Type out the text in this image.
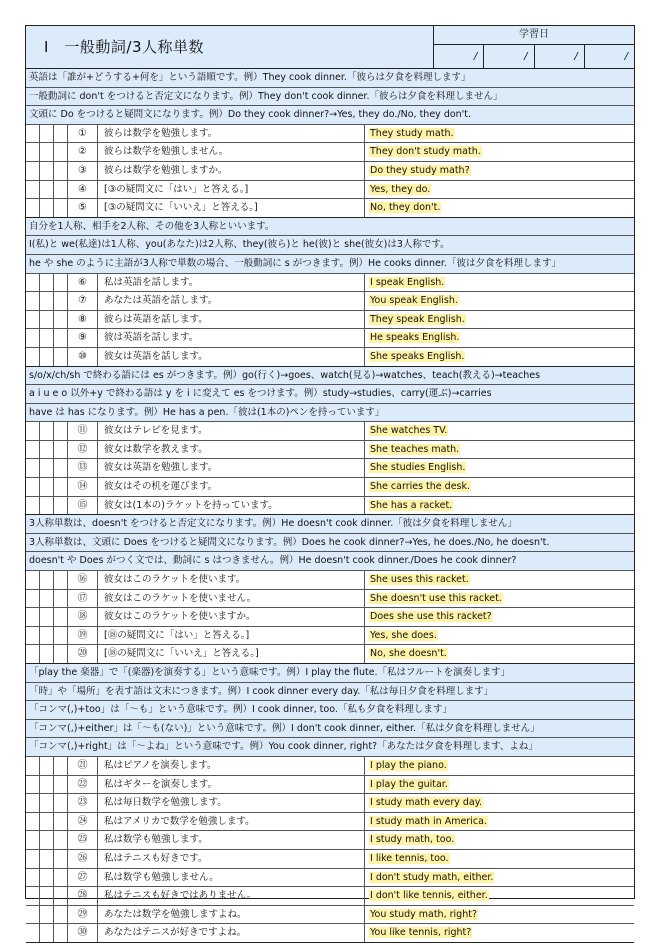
Ⅰ　一般動詞/3人称単数
学習日
/	/	/	/
英語は「誰が+どうする+何を」という語順です。例）They cook dinner.「彼らは夕食を料理します」
一般動詞に don't をつけると否定文になります。例）They don't cook dinner.「彼らは夕食を料理しません」
文頭に Do をつけると疑問文になります。例）Do they cook dinner?→Yes, they do./No, they don't.
①	彼らは数学を勉強します。	They study math.
②	彼らは数学を勉強しません。	They don't study math.
③	彼らは数学を勉強しますか。	Do they study math?
④	[③の疑問文に「はい」と答える。]	Yes, they do.
⑤	[③の疑問文に「いいえ」と答える。]	No, they don't.
自分を1人称、相手を2人称、その他を3人称といいます。
I(私)と we(私達)は1人称、you(あなた)は2人称、they(彼ら)と he(彼)と she(彼女)は3人称です。
he や she のように主語が3人称で単数の場合、一般動詞に s がつきます。例）He cooks dinner.「彼は夕食を料理します」
⑥	私は英語を話します。	I speak English.
⑦	あなたは英語を話します。	You speak English.
⑧	彼らは英語を話します。	They speak English.
⑨	彼は英語を話します。	He speaks English.
⑩	彼女は英語を話します。	She speaks English.
s/o/x/ch/sh で終わる語には es がつきます。例）go(行く)→goes、watch(見る)→watches、teach(教える)→teaches
a i u e o 以外+y で終わる語は y を i に変えて es をつけます。例）study→studies、carry(運ぶ)→carries
have は has になります。例）He has a pen.「彼は(1本の)ペンを持っています」
⑪	彼女はテレビを見ます。	She watches TV.
⑫	彼女は数学を教えます。	She teaches math.
⑬	彼女は英語を勉強します。	She studies English.
⑭	彼女はその机を運びます。	She carries the desk.
⑮	彼女は(1本の)ラケットを持っています。	She has a racket.
3人称単数は、doesn't をつけると否定文になります。例）He doesn't cook dinner.「彼は夕食を料理しません」
3人称単数は、文頭に Does をつけると疑問文になります。例）Does he cook dinner?→Yes, he does./No, he doesn't.
doesn't や Does がつく文では、動詞に s はつきません。例）He doesn't cook dinner./Does he cook dinner?
⑯	彼女はこのラケットを使います。	She uses this racket.
⑰	彼女はこのラケットを使いません。	She doesn't use this racket.
⑱	彼女はこのラケットを使いますか。	Does she use this racket?
⑲	[⑱の疑問文に「はい」と答える。]	Yes, she does.
⑳	[⑱の疑問文に「いいえ」と答える。]	No, she doesn't.
「play the 楽器」で「(楽器)を演奏する」という意味です。例）I play the flute.「私はフルートを演奏します」
「時」や「場所」を表す語は文末につきます。例）I cook dinner every day.「私は毎日夕食を料理します」
「コンマ(,)+too」は「〜も」という意味です。例）I cook dinner, too.「私も夕食を料理します」
「コンマ(,)+either」は「〜も(ない)」という意味です。例）I don't cook dinner, either.「私は夕食を料理しません」
「コンマ(,)+right」は「〜よね」という意味です。例）You cook dinner, right?「あなたは夕食を料理します、よね」
㉑	私はピアノを演奏します。	I play the piano.
㉒	私はギターを演奏します。	I play the guitar.
㉓	私は毎日数学を勉強します。	I study math every day.
㉔	私はアメリカで数学を勉強します。	I study math in America.
㉕	私は数学も勉強します。	I study math, too.
㉖	私はテニスも好きです。	I like tennis, too.
㉗	私は数学も勉強しません。	I don't study math, either.
㉘	私はテニスも好きではありません。	I don't like tennis, either.
㉙	あなたは数学を勉強しますよね。	You study math, right?
㉚	あなたはテニスが好きですよね。	You like tennis, right?
